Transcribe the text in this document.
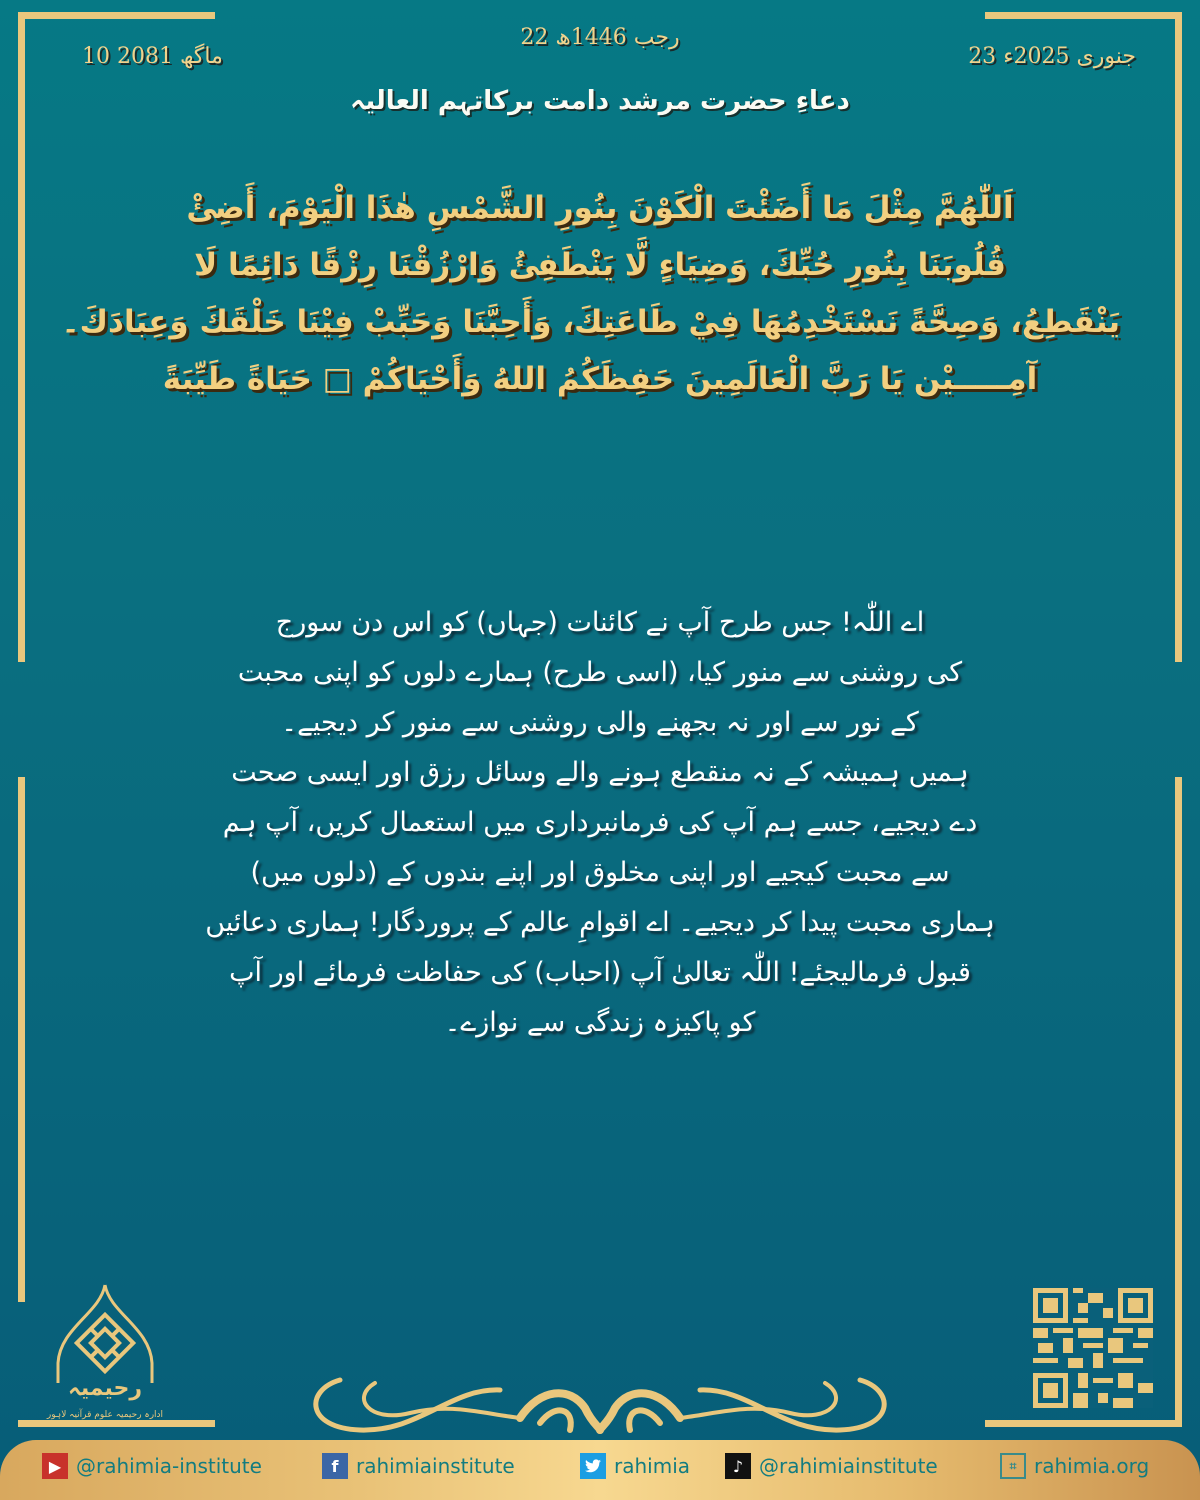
10 ماگھ 2081
22 رجب 1446ھ
23 جنوری 2025ء
دعاءِ حضرت مرشد دامت برکاتہم العالیہ
اَللّٰهُمَّ مِثْلَ مَا أَضَئْتَ الْكَوْنَ بِنُورِ الشَّمْسِ هٰذَا الْيَوْمَ، أَضِئْ
قُلُوبَنَا بِنُورِ حُبِّكَ، وَضِيَاءٍ لَّا يَنْطَفِئُ وَارْزُقْنَا رِزْقًا دَائِمًا لَا
يَنْقَطِعُ، وَصِحَّةً نَسْتَخْدِمُهَا فِيْ طَاعَتِكَ، وَأَحِبَّنَا وَحَبِّبْ فِيْنَا خَلْقَكَ وَعِبَادَكَ۔
آمِـــــيْن يَا رَبَّ الْعَالَمِينَ حَفِظَكُمُ اللهُ وَأَحْيَاكُمْ □ حَيَاةً طَيِّبَةً
اے اللّٰہ! جس طرح آپ نے کائنات (جہاں) کو اس دن سورج
کی روشنی سے منور کیا، (اسی طرح) ہمارے دلوں کو اپنی محبت
کے نور سے اور نہ بجھنے والی روشنی سے منور کر دیجیے۔
ہمیں ہمیشہ کے نہ منقطع ہونے والے وسائل رزق اور ایسی صحت
دے دیجیے، جسے ہم آپ کی فرمانبرداری میں استعمال کریں، آپ ہم
سے محبت کیجیے اور اپنی مخلوق اور اپنے بندوں کے (دلوں میں)
ہماری محبت پیدا کر دیجیے۔ اے اقوامِ عالم کے پروردگار! ہماری دعائیں
قبول فرمالیجئے! اللّٰہ تعالیٰ آپ (احباب) کی حفاظت فرمائے اور آپ
کو پاکیزہ زندگی سے نوازے۔
رحیمیہ
ادارہ رحیمیہ علوم قرآنیہ لاہور
▶ @rahimia-institute	f rahimiainstitute	rahimia	♪ @rahimiainstitute	⌗ rahimia.org
